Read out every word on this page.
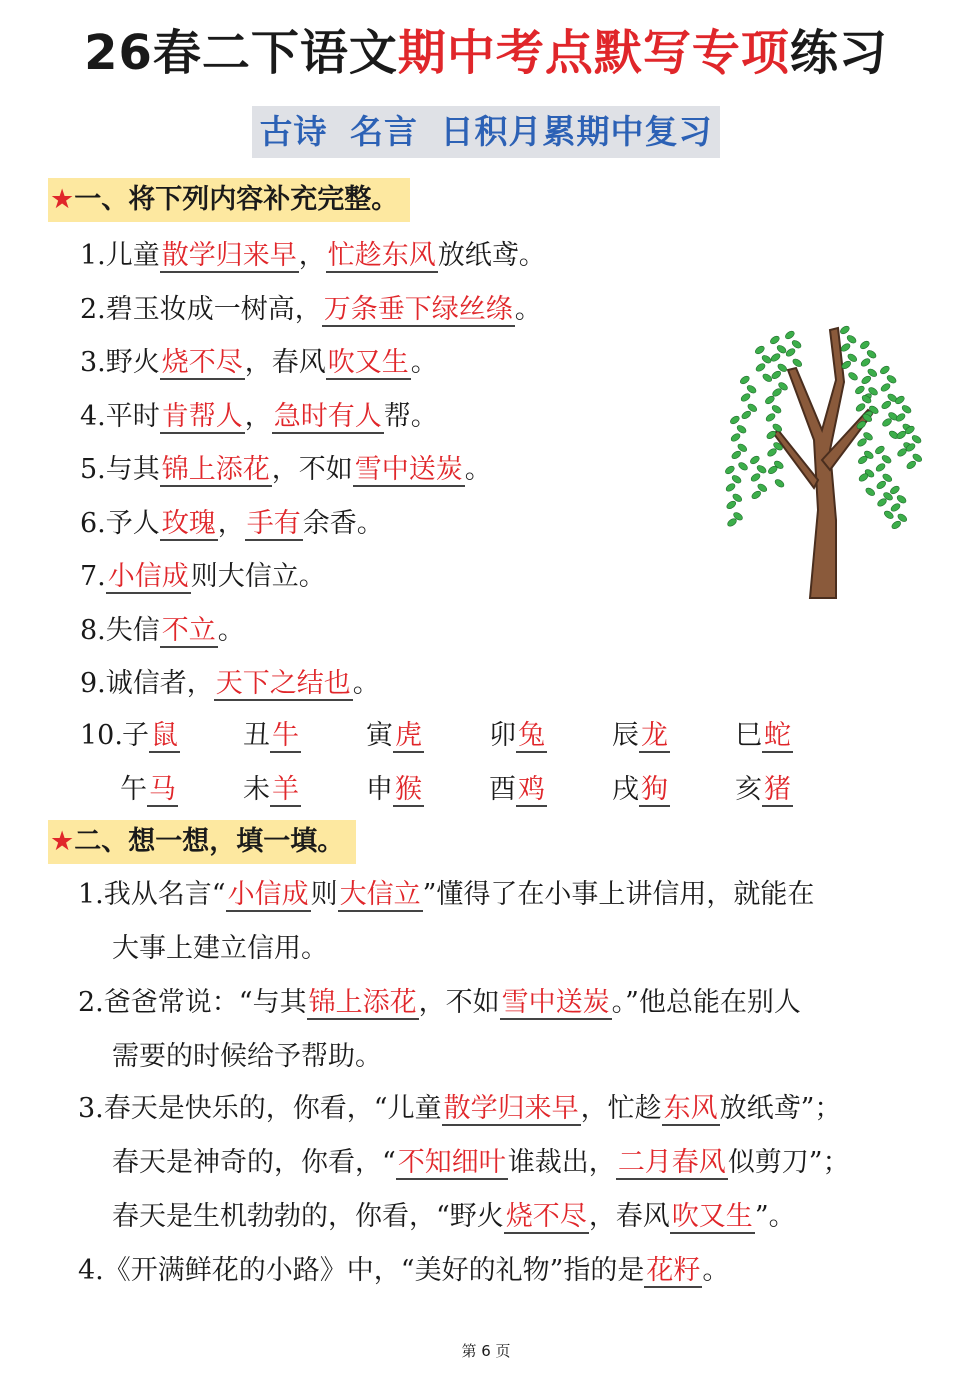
26春二下语文期中考点默写专项练习
古诗 名言 日积月累期中复习
★一、将下列内容补充完整。
1.儿童散学归来早，忙趁东风放纸鸢。
2.碧玉妆成一树高，万条垂下绿丝绦。
3.野火烧不尽，春风吹又生。
4.平时肯帮人，急时有人帮。
5.与其锦上添花，不如雪中送炭。
6.予人玫瑰，手有余香。
7.小信成则大信立。
8.失信不立。
9.诚信者，天下之结也。
10. 子鼠 丑牛 寅虎 卯兔 辰龙 巳蛇
午马 未羊 申猴 酉鸡 戌狗 亥猪
★二、想一想，填一填。
1.我从名言“小信成则大信立”懂得了在小事上讲信用，就能在
大事上建立信用。
2.爸爸常说：“与其锦上添花，不如雪中送炭。”他总能在别人
需要的时候给予帮助。
3.春天是快乐的，你看，“儿童散学归来早，忙趁东风放纸鸢”；
春天是神奇的，你看，“不知细叶谁裁出，二月春风似剪刀”；
春天是生机勃勃的，你看，“野火烧不尽，春风吹又生”。
4.《开满鲜花的小路》中，“美好的礼物”指的是花籽。
第 6 页
